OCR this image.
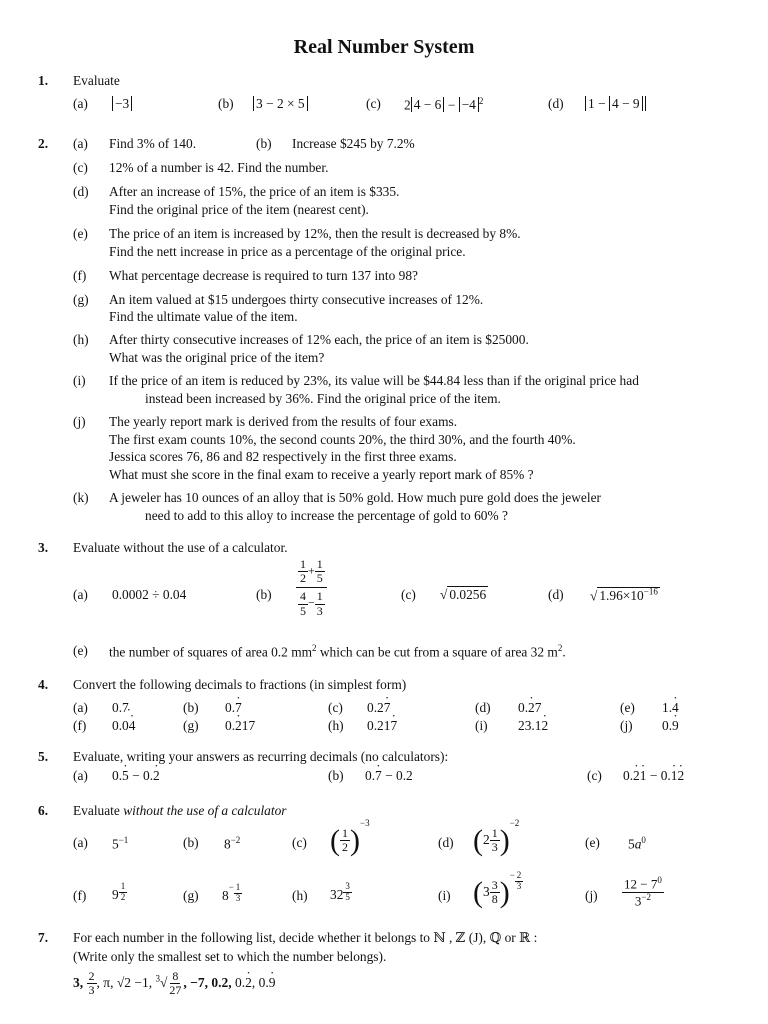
Real Number System
1. Evaluate
(a) −3	(b) 3 − 2 × 5	(c) 2 4 − 6 − −4 $^2$	(d) 1 − 4 − 9
2. (a) Find 3% of 140.	(b) Increase $245 by 7.2%
(c) 12% of a number is 42. Find the number.
(d) After an increase of 15%, the price of an item is $335.
Find the original price of the item (nearest cent).
(e) The price of an item is increased by 12%, then the result is decreased by 8%.
Find the nett increase in price as a percentage of the original price.
(f) What percentage decrease is required to turn 137 into 98?
(g) An item valued at $15 undergoes thirty consecutive increases of 12%.
Find the ultimate value of the item.
(h) After thirty consecutive increases of 12% each, the price of an item is $25000.
What was the original price of the item?
(i) If the price of an item is reduced by 23%, its value will be $44.84 less than if the original price had
instead been increased by 36%. Find the original price of the item.
(j) The yearly report mark is derived from the results of four exams.
The first exam counts 10%, the second counts 20%, the third 30%, and the fourth 40%.
Jessica scores 76, 86 and 82 respectively in the first three exams.
What must she score in the final exam to receive a yearly report mark of 85% ?
(k) A jeweler has 10 ounces of an alloy that is 50% gold. How much pure gold does the jeweler
need to add to this alloy to increase the percentage of gold to 60% ?
3. Evaluate without the use of a calculator.
(a) 0.0002 ÷ 0.04	$(b) \frac{\frac{1}{2} + \frac{1}{5}}{\frac{4}{5} - \frac{1}{3}}$	(c) √ 0.0256	(d) √ $1.96\times 10^{-16}$
(e) the number of squares of area 0.2 $mm^2$ which can be cut from a square of area 32 $m^2$.
4. Convert the following decimals to fractions (in simplest form)
(a) 0.7	(b) 0.7 ·	(c) 0.27 ·	(d) 0.2 ·7	(e) 1.4 ·
(f) 0.04 ·	(g) 0.2 ·17	(h) 0.217 ·	(i) 23.12 ·	(j) 0.9 ·
5. Evaluate, writing your answers as recurring decimals (no calculators):
(a) 0.5 · − 0.2 ·	(b) 0.7 · − 0.2	(c) 0.2 ·1 · − 0.1 ·2 ·
6. Evaluate without the use of a calculator
(a) $5^{-1}$	(b) $8^{-2}$	(c) ( $\frac{1}{2} )^{-3}$
(d) $(2 \frac{1}{3} )^{-2}$
(e) $5a^0$
(f) $9 \frac{1}{2}$	(g) $8^- \frac{1}{3}$	(h) $32 \frac{3}{5}$	(i) $(3 \frac{3}{8} )^- \frac{2}{3}$
$(j) \frac{12 - 7^0}{3^{-2}}$
7. For each number in the following list, decide whether it belongs to ℕ , ℤ (J), ℚ or ℝ :
(Write only the smallest set to which the number belongs).
3, $\frac{2}{3}$ , π, √2 −1, $^3√ \frac{8}{27}$ , −7, 0.2, 0.2 ·, 0.9 ·
